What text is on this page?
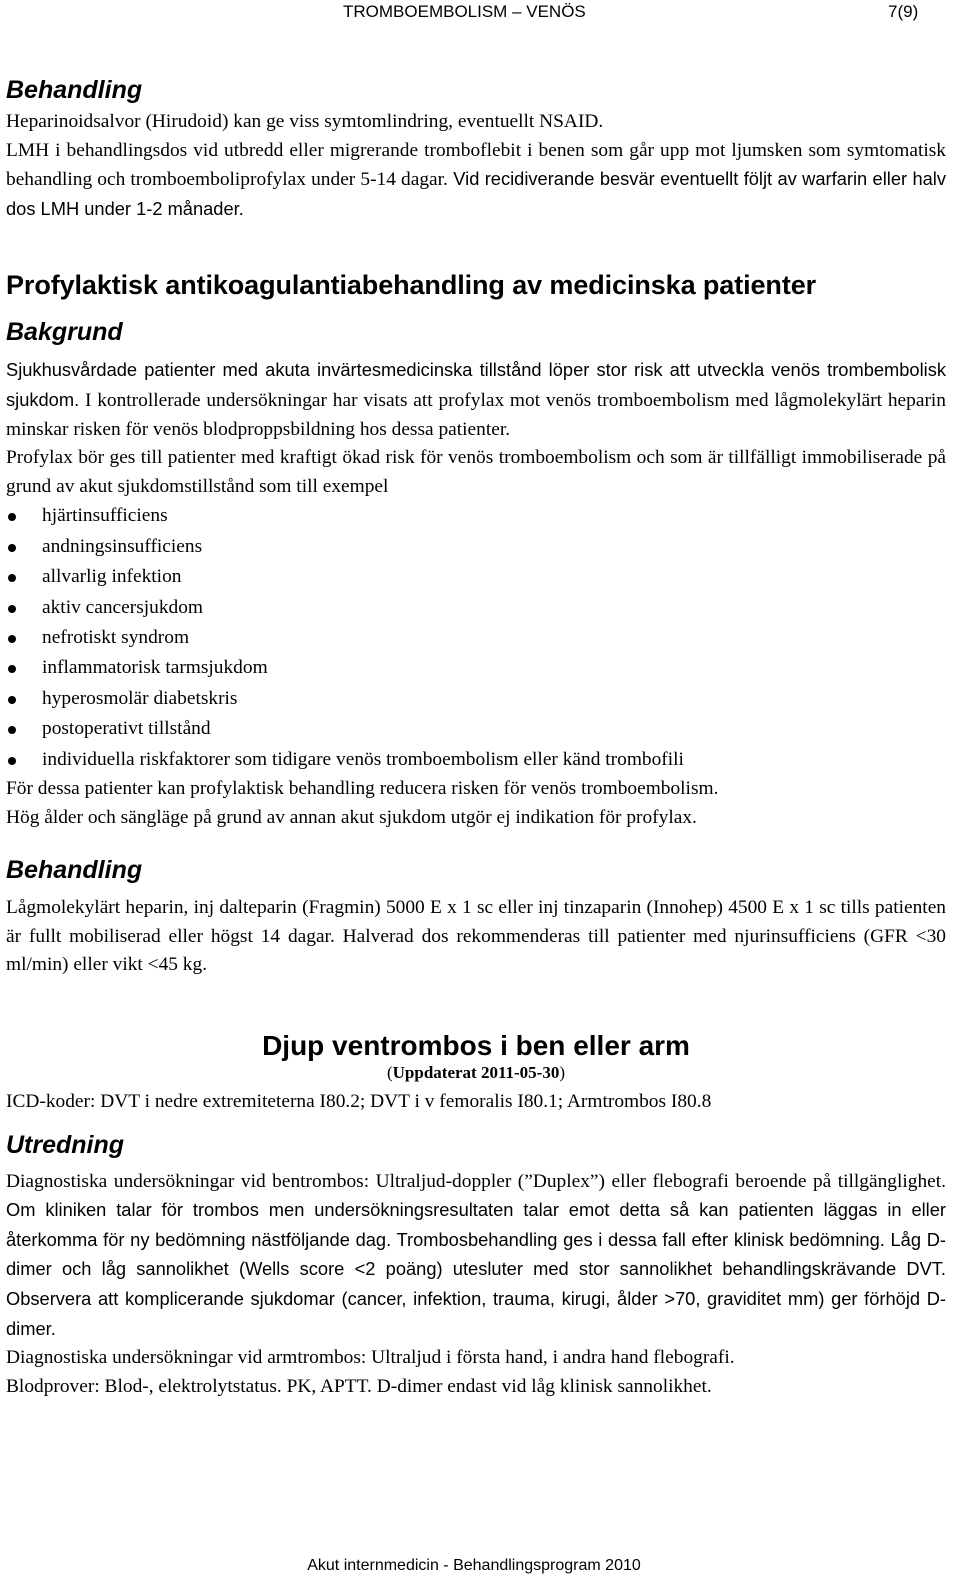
TROMBOEMBOLISM – VENÖS	7(9)
Behandling
Heparinoidsalvor (Hirudoid) kan ge viss symtomlindring, eventuellt NSAID.
LMH i behandlingsdos vid utbredd eller migrerande tromboflebit i benen som går upp mot ljumsken som symtomatisk behandling och tromboemboliprofylax under 5-14 dagar. Vid recidiverande besvär eventuellt följt av warfarin eller halv dos LMH under 1-2 månader.
Profylaktisk antikoagulantiabehandling av medicinska patienter
Bakgrund
Sjukhusvårdade patienter med akuta invärtesmedicinska tillstånd löper stor risk att utveckla venös trombembolisk sjukdom. I kontrollerade undersökningar har visats att profylax mot venös tromboembolism med lågmolekylärt heparin minskar risken för venös blodproppsbildning hos dessa patienter.
Profylax bör ges till patienter med kraftigt ökad risk för venös tromboembolism och som är tillfälligt immobiliserade på grund av akut sjukdomstillstånd som till exempel
hjärtinsufficiens
andningsinsufficiens
allvarlig infektion
aktiv cancersjukdom
nefrotiskt syndrom
inflammatorisk tarmsjukdom
hyperosmolär diabetskris
postoperativt tillstånd
individuella riskfaktorer som tidigare venös tromboembolism eller känd trombofili
För dessa patienter kan profylaktisk behandling reducera risken för venös tromboembolism.
Hög ålder och sängläge på grund av annan akut sjukdom utgör ej indikation för profylax.
Behandling
Lågmolekylärt heparin, inj dalteparin (Fragmin) 5000 E x 1 sc eller inj tinzaparin (Innohep) 4500 E x 1 sc tills patienten är fullt mobiliserad eller högst 14 dagar. Halverad dos rekommenderas till patienter med njurinsufficiens (GFR <30 ml/min) eller vikt <45 kg.
Djup ventrombos i ben eller arm
(Uppdaterat 2011-05-30)
ICD-koder: DVT i nedre extremiteterna I80.2; DVT i v femoralis I80.1; Armtrombos I80.8
Utredning
Diagnostiska undersökningar vid bentrombos: Ultraljud-doppler (”Duplex”) eller flebografi beroende på tillgänglighet. Om kliniken talar för trombos men undersökningsresultaten talar emot detta så kan patienten läggas in eller återkomma för ny bedömning nästföljande dag. Trombosbehandling ges i dessa fall efter klinisk bedömning. Låg D-dimer och låg sannolikhet (Wells score <2 poäng) utesluter med stor sannolikhet behandlingskrävande DVT. Observera att komplicerande sjukdomar (cancer, infektion, trauma, kirugi, ålder >70, graviditet mm) ger förhöjd D-dimer.
Diagnostiska undersökningar vid armtrombos: Ultraljud i första hand, i andra hand flebografi.
Blodprover: Blod-, elektrolytstatus. PK, APTT. D-dimer endast vid låg klinisk sannolikhet.
Akut internmedicin - Behandlingsprogram 2010
